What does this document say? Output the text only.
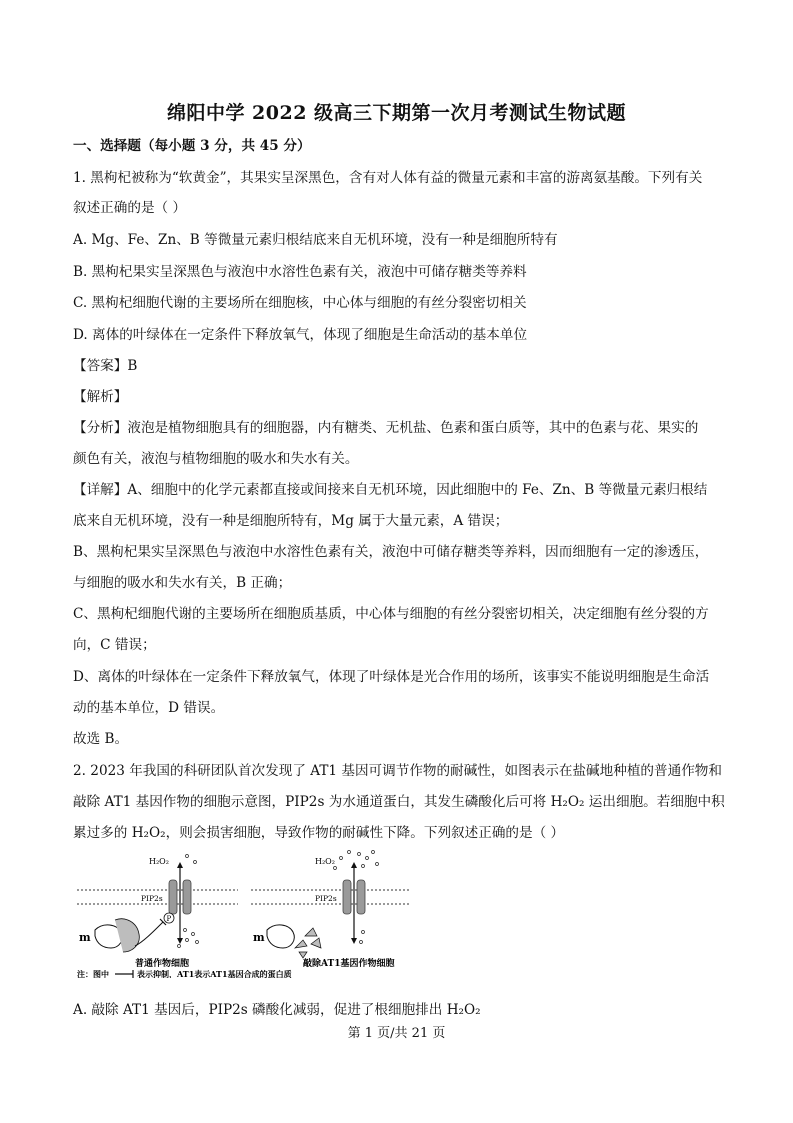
绵阳中学 2022 级高三下期第一次月考测试生物试题
一、选择题（每小题 3 分，共 45 分）
1. 黑枸杞被称为“软黄金”，其果实呈深黑色，含有对人体有益的微量元素和丰富的游离氨基酸。下列有关
叙述正确的是（ ）
A. Mg、Fe、Zn、B 等微量元素归根结底来自无机环境，没有一种是细胞所特有
B. 黑枸杞果实呈深黑色与液泡中水溶性色素有关，液泡中可储存糖类等养料
C. 黑枸杞细胞代谢的主要场所在细胞核，中心体与细胞的有丝分裂密切相关
D. 离体的叶绿体在一定条件下释放氧气，体现了细胞是生命活动的基本单位
【答案】B
【解析】
【分析】液泡是植物细胞具有的细胞器，内有糖类、无机盐、色素和蛋白质等，其中的色素与花、果实的
颜色有关，液泡与植物细胞的吸水和失水有关。
【详解】A、细胞中的化学元素都直接或间接来自无机环境，因此细胞中的 Fe、Zn、B 等微量元素归根结
底来自无机环境，没有一种是细胞所特有，Mg 属于大量元素，A 错误；
B、黑枸杞果实呈深黑色与液泡中水溶性色素有关，液泡中可储存糖类等养料，因而细胞有一定的渗透压，
与细胞的吸水和失水有关，B 正确；
C、黑枸杞细胞代谢的主要场所在细胞质基质，中心体与细胞的有丝分裂密切相关，决定细胞有丝分裂的方
向，C 错误；
D、离体的叶绿体在一定条件下释放氧气，体现了叶绿体是光合作用的场所，该事实不能说明细胞是生命活
动的基本单位，D 错误。
故选 B。
2. 2023 年我国的科研团队首次发现了 AT1 基因可调节作物的耐碱性，如图表示在盐碱地种植的普通作物和
敲除 AT1 基因作物的细胞示意图，PIP2s 为水通道蛋白，其发生磷酸化后可将 H₂O₂ 运出细胞。若细胞中积
累过多的 H₂O₂，则会损害细胞，导致作物的耐碱性下降。下列叙述正确的是（ ）
H₂O₂
PIP2s
P
m
H₂O₂
PIP2s
m
普通作物细胞	敲除AT1基因作物细胞
注：图中	表示抑制，AT1表示AT1基因合成的蛋白质
A. 敲除 AT1 基因后，PIP2s 磷酸化减弱，促进了根细胞排出 H₂O₂
第 1 页/共 21 页
